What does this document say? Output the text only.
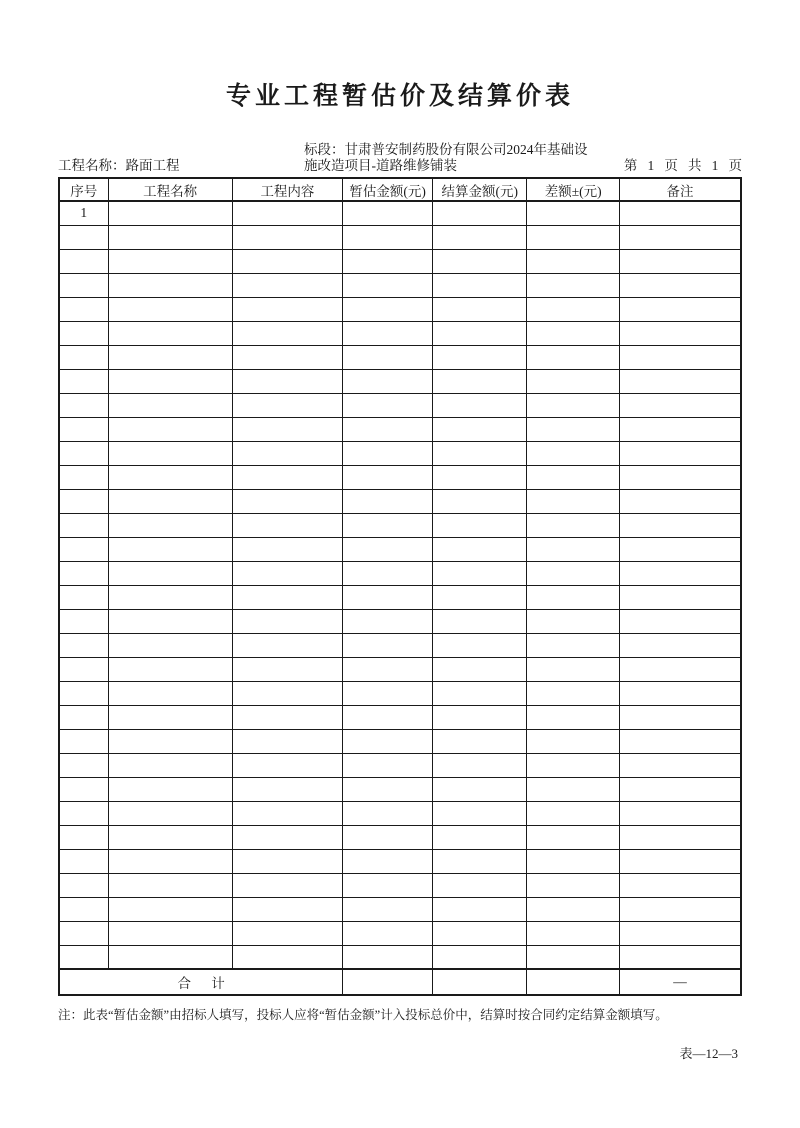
专业工程暂估价及结算价表
工程名称：路面工程
标段：甘肃普安制药股份有限公司2024年基础设
施改造项目-道路维修铺装	第   1   页   共   1   页
序号	工程名称	工程内容	暂估金额(元)	结算金额(元)	差额±(元)	备注
1						

合      计						—
注：此表“暂估金额”由招标人填写，投标人应将“暂估金额”计入投标总价中，结算时按合同约定结算金额填写。
表—12—3
